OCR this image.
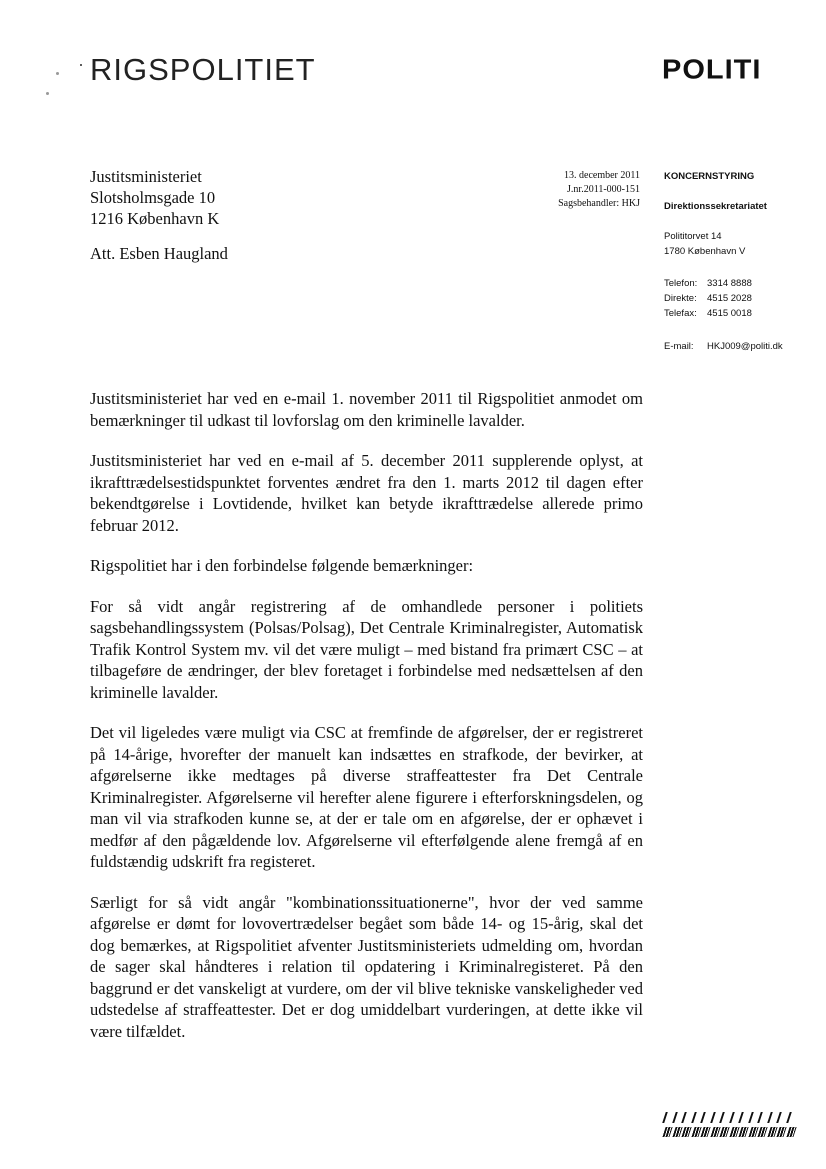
· RIGSPOLITIET	POLITI
Justitsministeriet
Slotsholmsgade 10
1216 København K
Att. Esben Haugland
13. december 2011
J.nr.2011-000-151
Sagsbehandler: HKJ
KONCERNSTYRING
Direktionssekretariatet
Polititorvet 14
1780 København V
Telefon:	3314 8888
Direkte:	4515 2028
Telefax:	4515 0018
E-mail:	HKJ009@politi.dk

Justitsministeriet har ved en e-mail 1. november 2011 til Rigspolitiet anmodet om bemærkninger til udkast til lovforslag om den kriminelle lavalder.

Justitsministeriet har ved en e-mail af 5. december 2011 supplerende oplyst, at ikrafttrædelsestidspunktet forventes ændret fra den 1. marts 2012 til dagen efter bekendtgørelse i Lovtidende, hvilket kan betyde ikrafttrædelse allerede primo februar 2012.

Rigspolitiet har i den forbindelse følgende bemærkninger:

For så vidt angår registrering af de omhandlede personer i politiets sagsbehandlingssystem (Polsas/Polsag), Det Centrale Kriminalregister, Automatisk Trafik Kontrol System mv. vil det være muligt – med bistand fra primært CSC – at tilbageføre de ændringer, der blev foretaget i forbindelse med nedsættelsen af den kriminelle lavalder.

Det vil ligeledes være muligt via CSC at fremfinde de afgørelser, der er registreret på 14-årige, hvorefter der manuelt kan indsættes en strafkode, der bevirker, at afgørelserne ikke medtages på diverse straffeattester fra Det Centrale Kriminalregister. Afgørelserne vil herefter alene figurere i efterforskningsdelen, og man vil via strafkoden kunne se, at der er tale om en afgørelse, der er ophævet i medfør af den pågældende lov. Afgørelserne vil efterfølgende alene fremgå af en fuldstændig udskrift fra registeret.

Særligt for så vidt angår "kombinationssituationerne", hvor der ved samme afgørelse er dømt for lovovertrædelser begået som både 14- og 15-årig, skal det dog bemærkes, at Rigspolitiet afventer Justitsministeriets udmelding om, hvordan de sager skal håndteres i relation til opdatering i Kriminalregisteret. På den baggrund er det vanskeligt at vurdere, om der vil blive tekniske vanskeligheder ved udstedelse af straffeattester. Det er dog umiddelbart vurderingen, at dette ikke vil være tilfældet.
